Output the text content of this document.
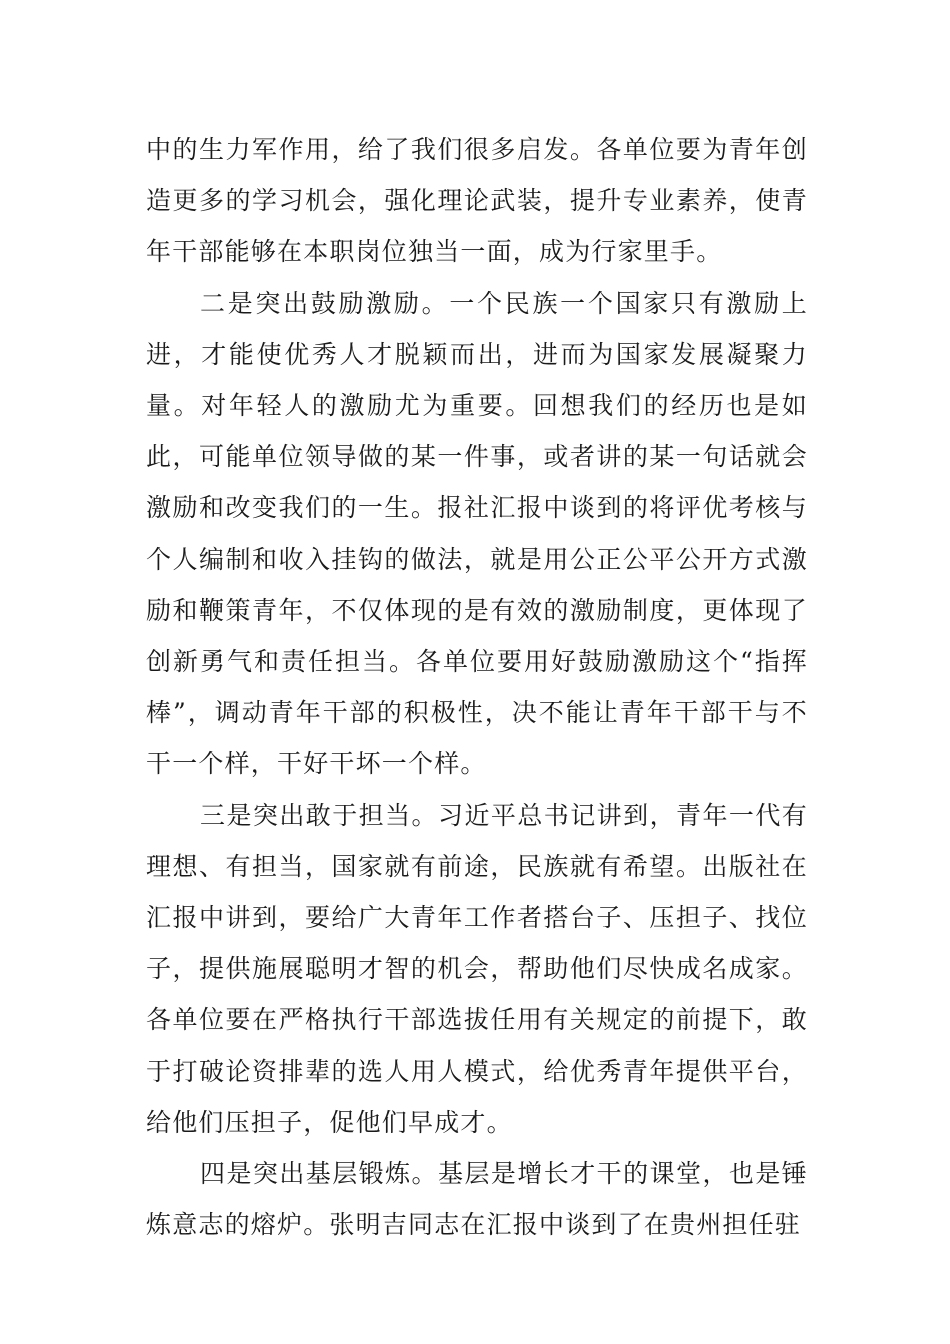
中的生力军作用，给了我们很多启发。各单位要为青年创造更多的学习机会，强化理论武装，提升专业素养，使青年干部能够在本职岗位独当一面，成为行家里手。

二是突出鼓励激励。一个民族一个国家只有激励上进，才能使优秀人才脱颖而出，进而为国家发展凝聚力量。对年轻人的激励尤为重要。回想我们的经历也是如此，可能单位领导做的某一件事，或者讲的某一句话就会激励和改变我们的一生。报社汇报中谈到的将评优考核与个人编制和收入挂钩的做法，就是用公正公平公开方式激励和鞭策青年，不仅体现的是有效的激励制度，更体现了创新勇气和责任担当。各单位要用好鼓励激励这个“指挥棒”，调动青年干部的积极性，决不能让青年干部干与不干一个样，干好干坏一个样。

三是突出敢于担当。习近平总书记讲到，青年一代有理想、有担当，国家就有前途，民族就有希望。出版社在汇报中讲到，要给广大青年工作者搭台子、压担子、找位子，提供施展聪明才智的机会，帮助他们尽快成名成家。各单位要在严格执行干部选拔任用有关规定的前提下，敢于打破论资排辈的选人用人模式，给优秀青年提供平台，给他们压担子，促他们早成才。

四是突出基层锻炼。基层是增长才干的课堂，也是锤炼意志的熔炉。张明吉同志在汇报中谈到了在贵州担任驻
